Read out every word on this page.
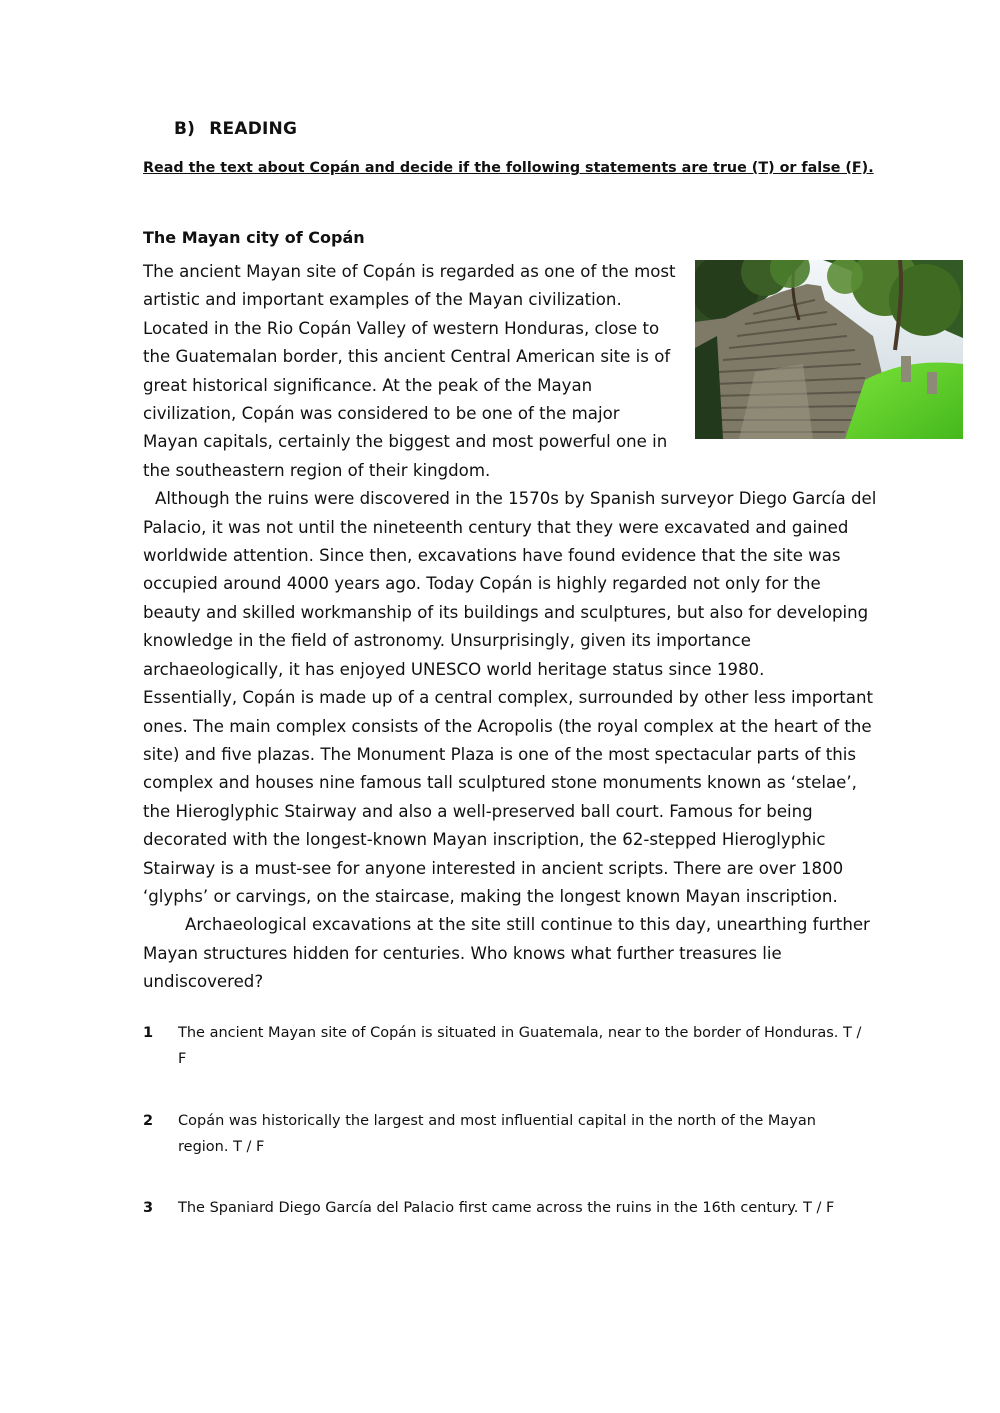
B) READING

Read the text about Copán and decide if the following statements are true (T) or false (F).

The Mayan city of Copán

The ancient Mayan site of Copán is regarded as one of the most artistic and important examples of the Mayan civilization. Located in the Rio Copán Valley of western Honduras, close to the Guatemalan border, this ancient Central American site is of great historical significance. At the peak of the Mayan civilization, Copán was considered to be one of the major Mayan capitals, certainly the biggest and most powerful one in the southeastern region of their kingdom.

Although the ruins were discovered in the 1570s by Spanish surveyor Diego García del Palacio, it was not until the nineteenth century that they were excavated and gained worldwide attention. Since then, excavations have found evidence that the site was occupied around 4000 years ago. Today Copán is highly regarded not only for the beauty and skilled workmanship of its buildings and sculptures, but also for developing knowledge in the field of astronomy. Unsurprisingly, given its importance archaeologically, it has enjoyed UNESCO world heritage status since 1980.

Essentially, Copán is made up of a central complex, surrounded by other less important ones. The main complex consists of the Acropolis (the royal complex at the heart of the site) and five plazas. The Monument Plaza is one of the most spectacular parts of this complex and houses nine famous tall sculptured stone monuments known as ‘stelae’, the Hieroglyphic Stairway and also a well-preserved ball court. Famous for being decorated with the longest-known Mayan inscription, the 62-stepped Hieroglyphic Stairway is a must-see for anyone interested in ancient scripts. There are over 1800 ‘glyphs’ or carvings, on the staircase, making the longest known Mayan inscription.

Archaeological excavations at the site still continue to this day, unearthing further Mayan structures hidden for centuries. Who knows what further treasures lie undiscovered?

1 The ancient Mayan site of Copán is situated in Guatemala, near to the border of Honduras. T / F
2 Copán was historically the largest and most influential capital in the north of the Mayan region. T / F
3 The Spaniard Diego García del Palacio first came across the ruins in the 16th century. T / F
